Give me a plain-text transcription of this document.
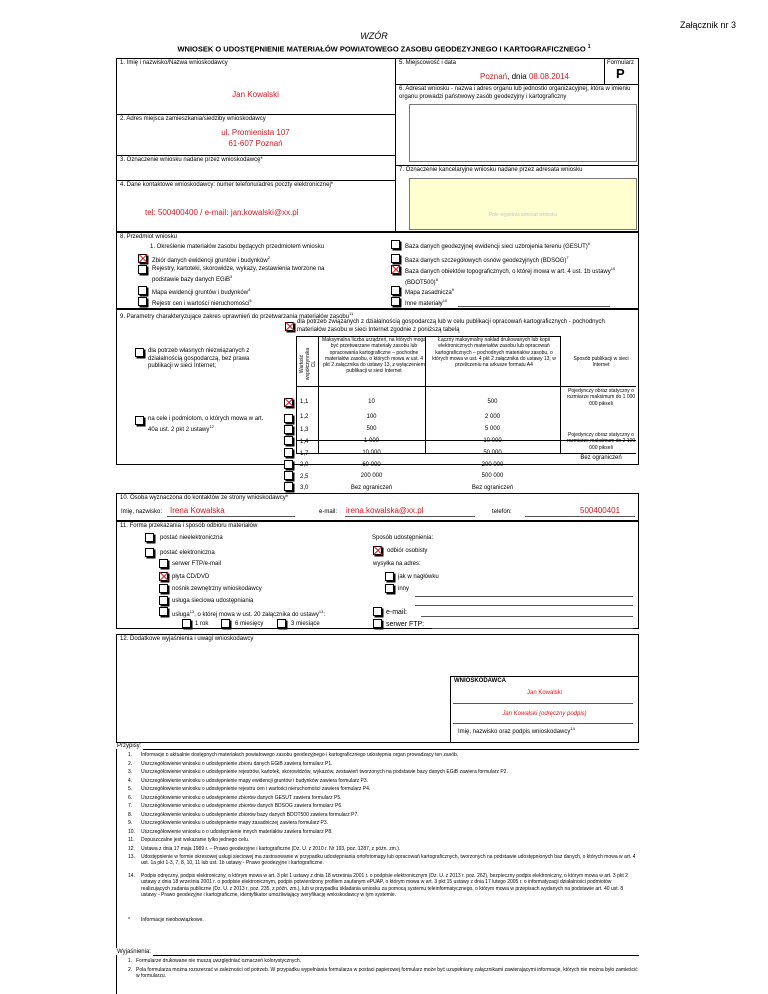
Załącznik nr 3
WZÓR
WNIOSEK O UDOSTĘPNIENIE MATERIAŁÓW POWIATOWEGO ZASOBU GEODEZYJNEGO I KARTOGRAFICZNEGO $^1$
1. Imię i nazwisko/Nazwa wnioskodawcy
Jan Kowalski
5. Miejscowość i data	Formularz
Poznań, dnia 08.08.2014	P
6. Adresat wniosku - nazwa i adres organu lub jednostki organizacyjnej, która w imieniu organu prowadzi państwowy zasób geodezyjny i kartograficzny
2. Adres miejsca zamieszkania/siedziby wnioskodawcy
ul. Promienista 107
61-607 Poznań
3. Oznaczenie wniosku nadane przez wnioskodawcę*
7. Oznaczenie kancelaryjne wniosku nadane przez adresata wniosku
Pole wypełnia adresat wniosku
4. Dane kontaktowe wnioskodawcy: numer telefonu/adres poczty elektronicznej*
tel: 500400400 / e-mail: jan.kowalski@xx.pl
8. Przedmiot wniosku
1. Określenie materiałów zasobu będących przedmiotem wniosku
Zbiór danych ewidencji gruntów i budynków$^2$
Rejestry, kartoteki, skorowidze, wykazy, zestawienia tworzone na podstawie bazy danych EGiB$^3$
Mapa ewidencji gruntów i budynków$^4$
Rejestr cen i wartości nieruchomości$^5$
Baza danych geodezyjnej ewidencji sieci uzbrojenia terenu (GESUT)$^6$
Baza danych szczegółowych osnów geodezyjnych (BDSOG)$^7$
Baza danych obiektów topograficznych, o której mowa w art. 4 ust. 1b ustawy$^{10}$ (BDOT500)$^8$
Mapa zasadnicza$^9$
Inne materiały$^{10}$
9. Parametry charakteryzujące zakres uprawnień do przetwarzania materiałów zasobu$^{11}$
dla potrzeb związanych z działalnością gospodarczą lub w celu publikacji opracowań kartograficznych - pochodnych materiałów zasobu w sieci Internet zgodnie z poniższą tabelą
dla potrzeb własnych niezwiązanych z działalnością gospodarczą, bez prawa publikacji w sieci Internet;
na cele i podmiotom, o których mowa w art. 40a ust. 2 pkt 2 ustawy$^{12}$
Wartość współczynnika CL
Maksymalna liczba urządzeń, na których mogą być przetwarzane materiały zasobu lub opracowania kartograficzne – pochodne materiałów zasobu, o których mowa w ust. 4 pkt 2 załącznika do ustawy 13, z wyłączeniem publikacji w sieci Internet
Łączny maksymalny nakład drukowanych lub kopii elektronicznych materiałów zasobu lub opracowań kartograficznych – pochodnych materiałów zasobu, o których mowa w ust. 4 pkt 2 załącznika do ustawy 13, w przeliczeniu na arkusze formatu A4
Sposób publikacji w sieci Internet
Pojedynczy obraz statyczny o rozmiarze maksimum do 1 000 000 pikseli
Pojedynczy obraz statyczny o rozmiarze maksimum do 2 100 000 pikseli
Bez ograniczeń
1,1	10	500
1,2	100	2 000
1,3	500	5 000
1,4	1 000	10 000
1,7	10 000	50 000
2,0	60 000	200 000
2,5	200 000	500 000
3,0	Bez ograniczeń	Bez ograniczeń
10. Osoba wyznaczona do kontaktów ze strony wnioskodawcy*
Imię, nazwisko: Irena Kowalska	e-mail: irena.kowalska@xx.pl	telefon:	500400401
11. Forma przekazania i sposób odbioru materiałów
postać nieelektroniczna
postać elektroniczna
serwer FTP/e-mail
płyta CD/DVD
nośnik zewnętrzny wnioskodawcy
usługa sieciowa udostępniania
usługa$^{13}$, o której mowa w ust. 20 załącznika do ustawy$^{13}$:
1 rok	6 miesięcy	3 miesiące
Sposób udostępnienia:
odbiór osobisty
wysyłka na adres:
jak w nagłówku
inny
e-mail:
serwer FTP:
12. Dodatkowe wyjaśnienia i uwagi wnioskodawcy
WNIOSKODAWCA
Jan Kowalski
Jan Kowalski (odręczny podpis)
Imię, nazwisko oraz podpis wnioskodawcy$^{14}$
Przypisy:
1.	Informacje o aktualnie dostępnych materiałach powiatowego zasobu geodezyjnego i kartograficznego udostępnia organ prowadzący ten zasób.
2.	Uszczegółowienie wniosku o udostępnienie zbioru danych EGiB zawiera formularz P1.
3.	Uszczegółowienie wniosku o udostępnienie rejestrów, kartotek, skorowidzów, wykazów, zestawień tworzonych na podstawie bazy danych EGiB zawiera formularz P2.
4.	Uszczegółowienie wniosku o udostępnienie mapy ewidencji gruntów i budynków zawiera formularz P3.
5.	Uszczegółowienie wniosku o udostępnienie rejestru cen i wartości nieruchomości zawiera formularz P4.
6.	Uszczegółowienie wniosku o udostępnienie zbiorów danych GESUT zawiera formularz P5.
7.	Uszczegółowienie wniosku o udostępnienie zbiorów danych BDSOG zawiera formularz P6.
8.	Uszczegółowienie wniosku o udostępnienie zbiorów bazy danych BDOT500 zawiera formularz P7.
9.	Uszczegółowienie wniosku o udostępnienie mapy zasadniczej zawiera formularz P3.
10.	Uszczegółowienie wniosku o o udostępnienie innych materiałów zawiera formularz P8.
11.	Dopuszczalne jest wskazanie tylko jednego celu.
12.	Ustawa z dnia 17 maja 1989 r. – Prawo geodezyjne i kartograficzne (Dz. U. z 2010 r. Nr 193, poz. 1287, z późn. zm.).
13.	Udostępnienie w formie okresowej usługi sieciowej ma zastosowanie w przypadku udostępniania ortofotomapy lub opracowań kartograficznych, tworzonych na podstawie udostępnionych baz danych, o których mowa w art. 4 ust. 1a pkt 1-3, 7, 8, 10, 11 lub ust. 1b ustawy - Prawo geodezyjne i kartograficzne.
14.	Podpis odręczny, podpis elektroniczny, o którym mowa w art. 3 pkt 1 ustawy z dnia 18 września 2001 r. o podpisie elektronicznym (Dz. U. z 2013 r. poz. 262), bezpieczny podpis elektroniczny, o którym mowa w art. 3 pkt 2 ustawy z dnia 18 września 2001 r. o podpisie elektronicznym, podpis potwierdzony profilem zaufanym ePUAP, o którym mowa w art. 3 pkt 15 ustawy z dnia 17 lutego 2005 r. o informatyzacji działalności podmiotów realizujących zadania publiczne (Dz. U. z 2013 r. poz. 235, z późn. zm.), lub w przypadku składania wniosku za pomocą systemu teleinformatycznego, o którym mowa w przepisach wydanych na podstawie art. 40 ust. 8 ustawy - Prawo geodezyjne i kartograficzne, identyfikator umożliwiający weryfikację wnioskodawcy w tym systemie.
*	Informacje nieobowiązkowe.
Wyjaśnienia:
1. Formularze drukowane nie muszą uwzględniać oznaczeń kolorystycznych.
2. Pola formularza można rozszerzać w zależności od potrzeb. W przypadku wypełniania formularza w postaci papierowej formularz może być uzupełniany załącznikami zawierającymi informacje, których nie można było zamieścić w formularzu.
